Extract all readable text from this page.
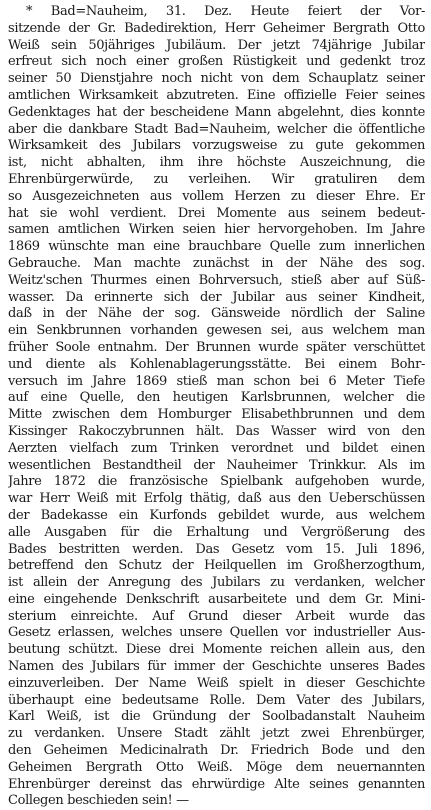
* Bad=Nauheim, 31. Dez. Heute feiert der Vor-
sitzende der Gr. Badedirektion, Herr Geheimer Bergrath Otto
Weiß sein 50jähriges Jubiläum. Der jetzt 74jährige Jubilar
erfreut sich noch einer großen Rüstigkeit und gedenkt troz
seiner 50 Dienstjahre noch nicht von dem Schauplatz seiner
amtlichen Wirksamkeit abzutreten. Eine offizielle Feier seines
Gedenktages hat der bescheidene Mann abgelehnt, dies konnte
aber die dankbare Stadt Bad=Nauheim, welcher die öffentliche
Wirksamkeit des Jubilars vorzugsweise zu gute gekommen
ist, nicht abhalten, ihm ihre höchste Auszeichnung, die
Ehrenbürgerwürde, zu verleihen. Wir gratuliren dem
so Ausgezeichneten aus vollem Herzen zu dieser Ehre. Er
hat sie wohl verdient. Drei Momente aus seinem bedeut-
samen amtlichen Wirken seien hier hervorgehoben. Im Jahre
1869 wünschte man eine brauchbare Quelle zum innerlichen
Gebrauche. Man machte zunächst in der Nähe des sog.
Weitz'schen Thurmes einen Bohrversuch, stieß aber auf Süß-
wasser. Da erinnerte sich der Jubilar aus seiner Kindheit,
daß in der Nähe der sog. Gänsweide nördlich der Saline
ein Senkbrunnen vorhanden gewesen sei, aus welchem man
früher Soole entnahm. Der Brunnen wurde später verschüttet
und diente als Kohlenablagerungsstätte. Bei einem Bohr-
versuch im Jahre 1869 stieß man schon bei 6 Meter Tiefe
auf eine Quelle, den heutigen Karlsbrunnen, welcher die
Mitte zwischen dem Homburger Elisabethbrunnen und dem
Kissinger Rakoczybrunnen hält. Das Wasser wird von den
Aerzten vielfach zum Trinken verordnet und bildet einen
wesentlichen Bestandtheil der Nauheimer Trinkkur. Als im
Jahre 1872 die französische Spielbank aufgehoben wurde,
war Herr Weiß mit Erfolg thätig, daß aus den Ueberschüssen
der Badekasse ein Kurfonds gebildet wurde, aus welchem
alle Ausgaben für die Erhaltung und Vergrößerung des
Bades bestritten werden. Das Gesetz vom 15. Juli 1896,
betreffend den Schutz der Heilquellen im Großherzogthum,
ist allein der Anregung des Jubilars zu verdanken, welcher
eine eingehende Denkschrift ausarbeitete und dem Gr. Mini-
sterium einreichte. Auf Grund dieser Arbeit wurde das
Gesetz erlassen, welches unsere Quellen vor industrieller Aus-
beutung schützt. Diese drei Momente reichen allein aus, den
Namen des Jubilars für immer der Geschichte unseres Bades
einzuverleiben. Der Name Weiß spielt in dieser Geschichte
überhaupt eine bedeutsame Rolle. Dem Vater des Jubilars,
Karl Weiß, ist die Gründung der Soolbadanstalt Nauheim
zu verdanken. Unsere Stadt zählt jetzt zwei Ehrenbürger,
den Geheimen Medicinalrath Dr. Friedrich Bode und den
Geheimen Bergrath Otto Weiß. Möge dem neuernannten
Ehrenbürger dereinst das ehrwürdige Alte seines genannten
Collegen beschieden sein! —
